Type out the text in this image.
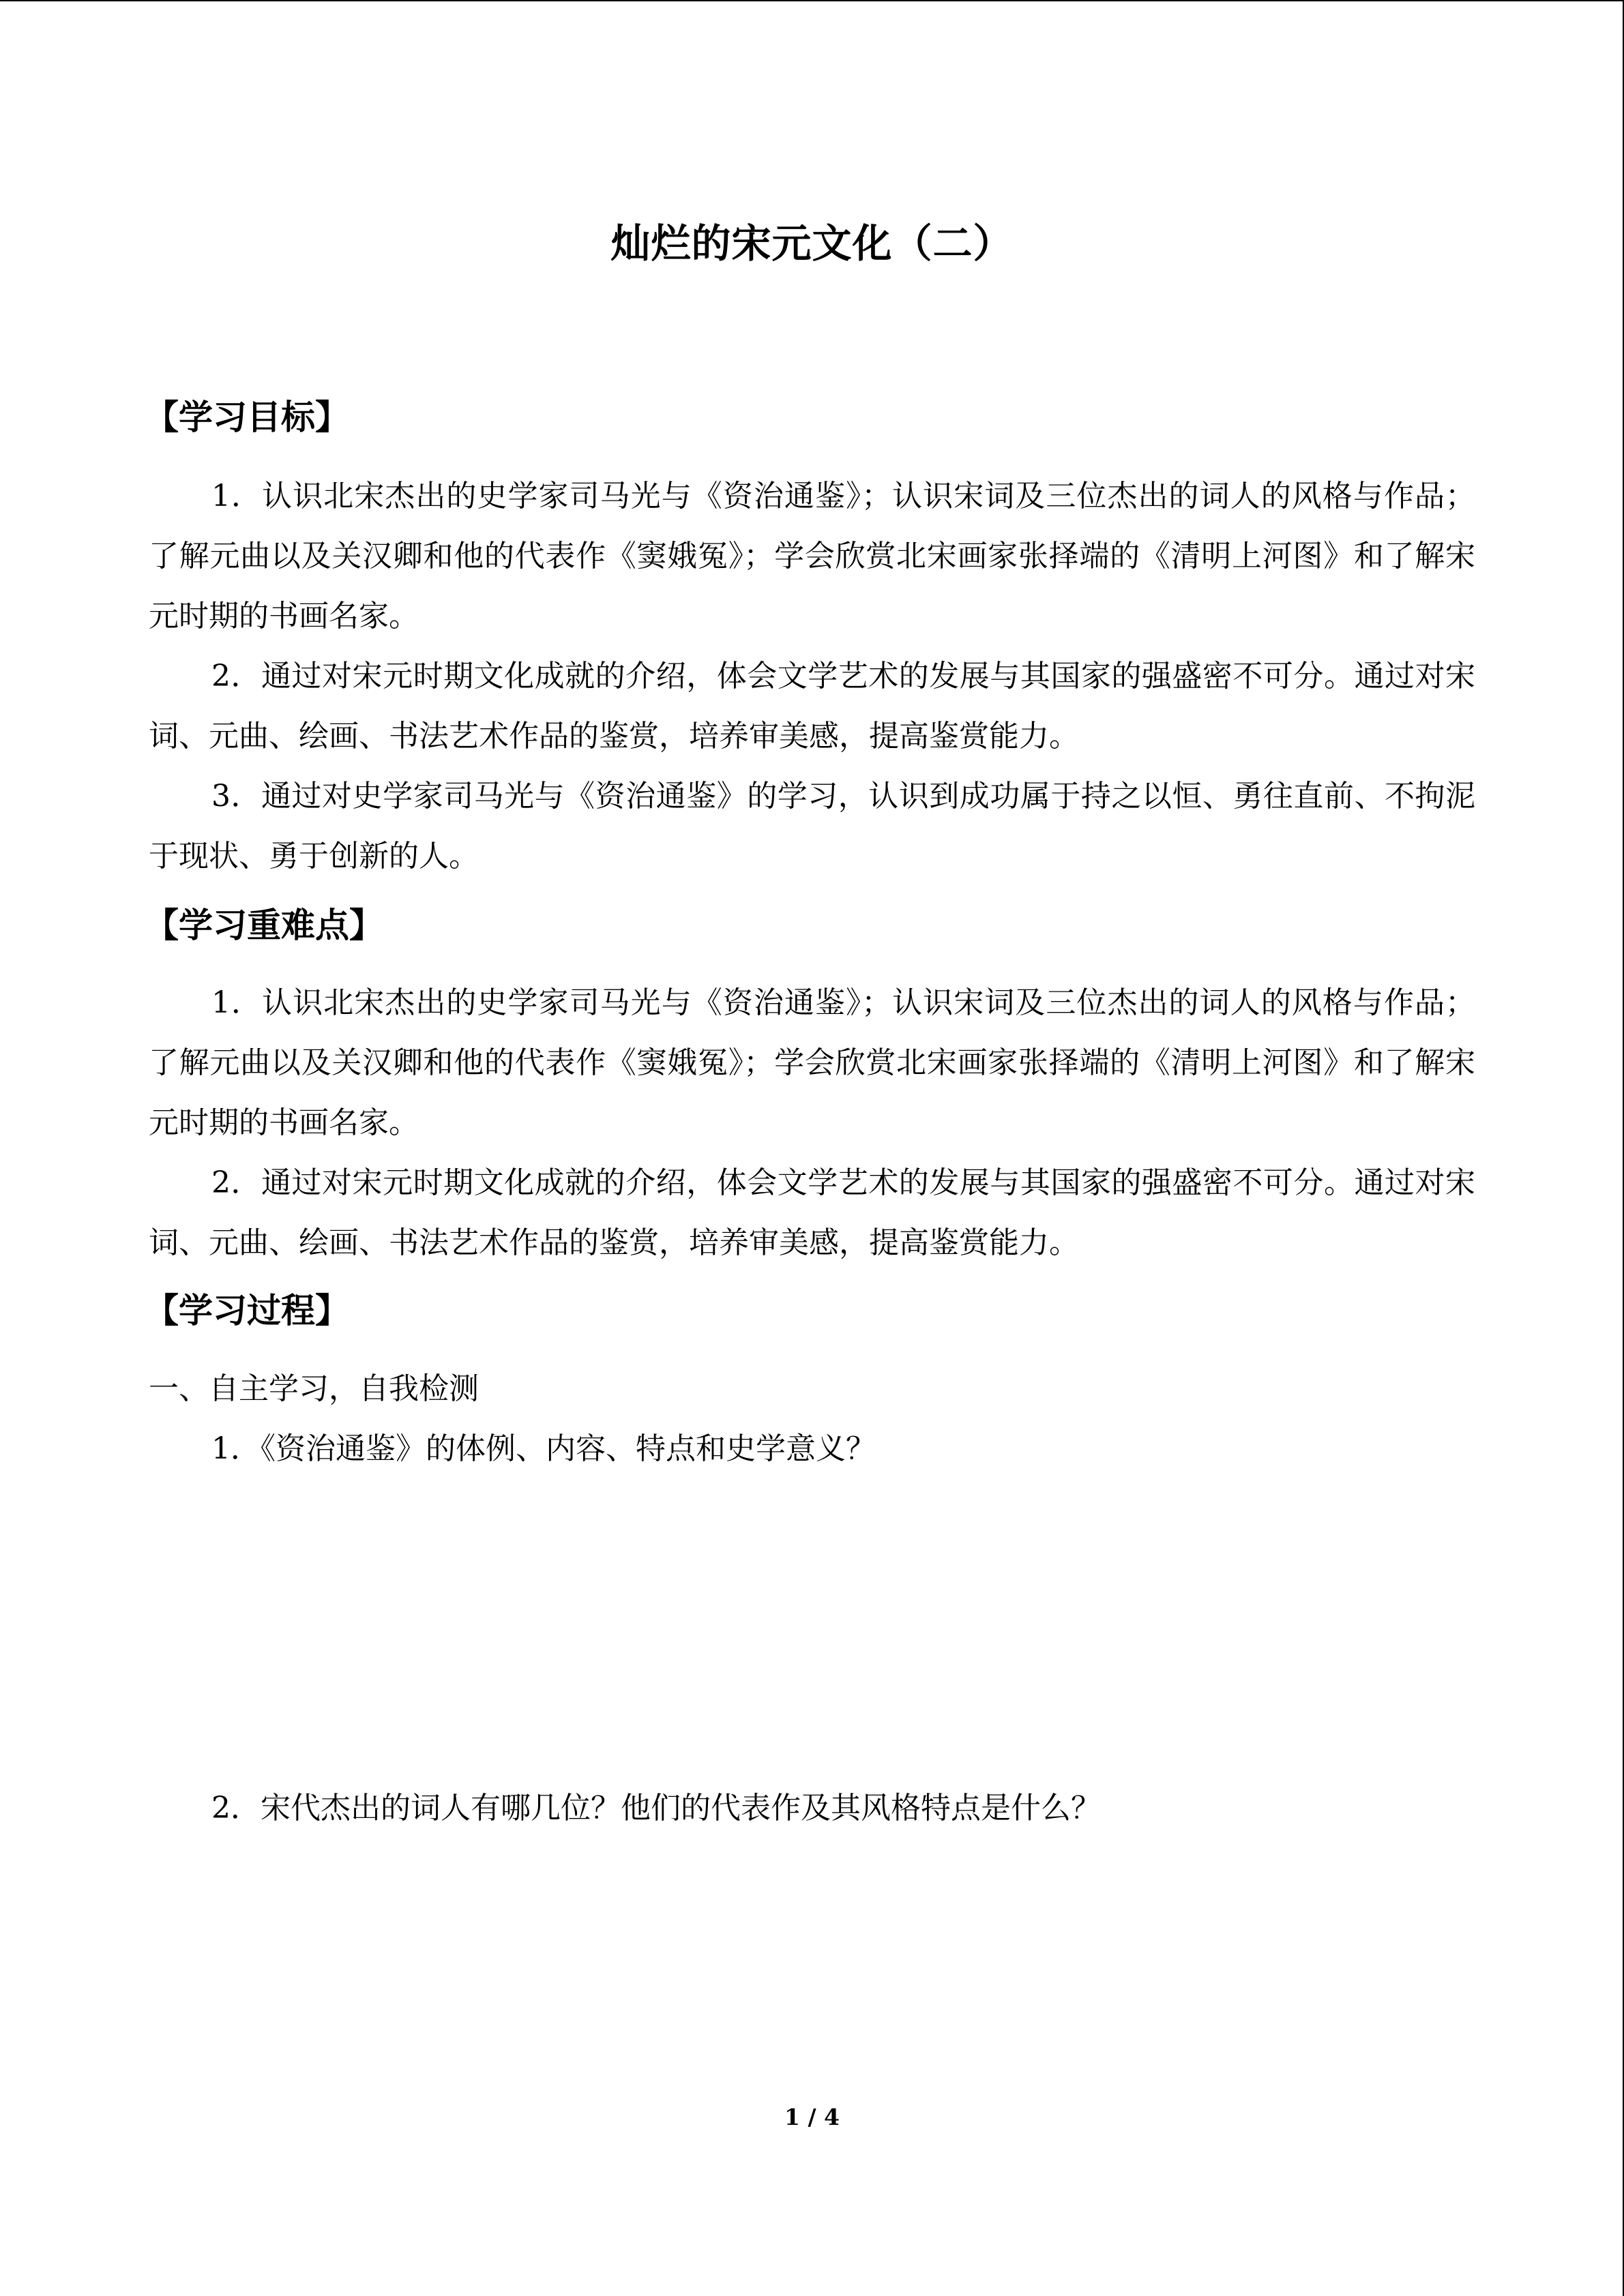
灿烂的宋元文化（二）
【学习目标】
1．认识北宋杰出的史学家司马光与《资治通鉴》；认识宋词及三位杰出的词人的风格与作品；了解元曲以及关汉卿和他的代表作《窦娥冤》；学会欣赏北宋画家张择端的《清明上河图》和了解宋元时期的书画名家。
2．通过对宋元时期文化成就的介绍，体会文学艺术的发展与其国家的强盛密不可分。通过对宋词、元曲、绘画、书法艺术作品的鉴赏，培养审美感，提高鉴赏能力。
3．通过对史学家司马光与《资治通鉴》的学习，认识到成功属于持之以恒、勇往直前、不拘泥于现状、勇于创新的人。
【学习重难点】
1．认识北宋杰出的史学家司马光与《资治通鉴》；认识宋词及三位杰出的词人的风格与作品；了解元曲以及关汉卿和他的代表作《窦娥冤》；学会欣赏北宋画家张择端的《清明上河图》和了解宋元时期的书画名家。
2．通过对宋元时期文化成就的介绍，体会文学艺术的发展与其国家的强盛密不可分。通过对宋词、元曲、绘画、书法艺术作品的鉴赏，培养审美感，提高鉴赏能力。
【学习过程】
一、自主学习，自我检测
1．《资治通鉴》的体例、内容、特点和史学意义？
2．宋代杰出的词人有哪几位？他们的代表作及其风格特点是什么？
1 / 4
